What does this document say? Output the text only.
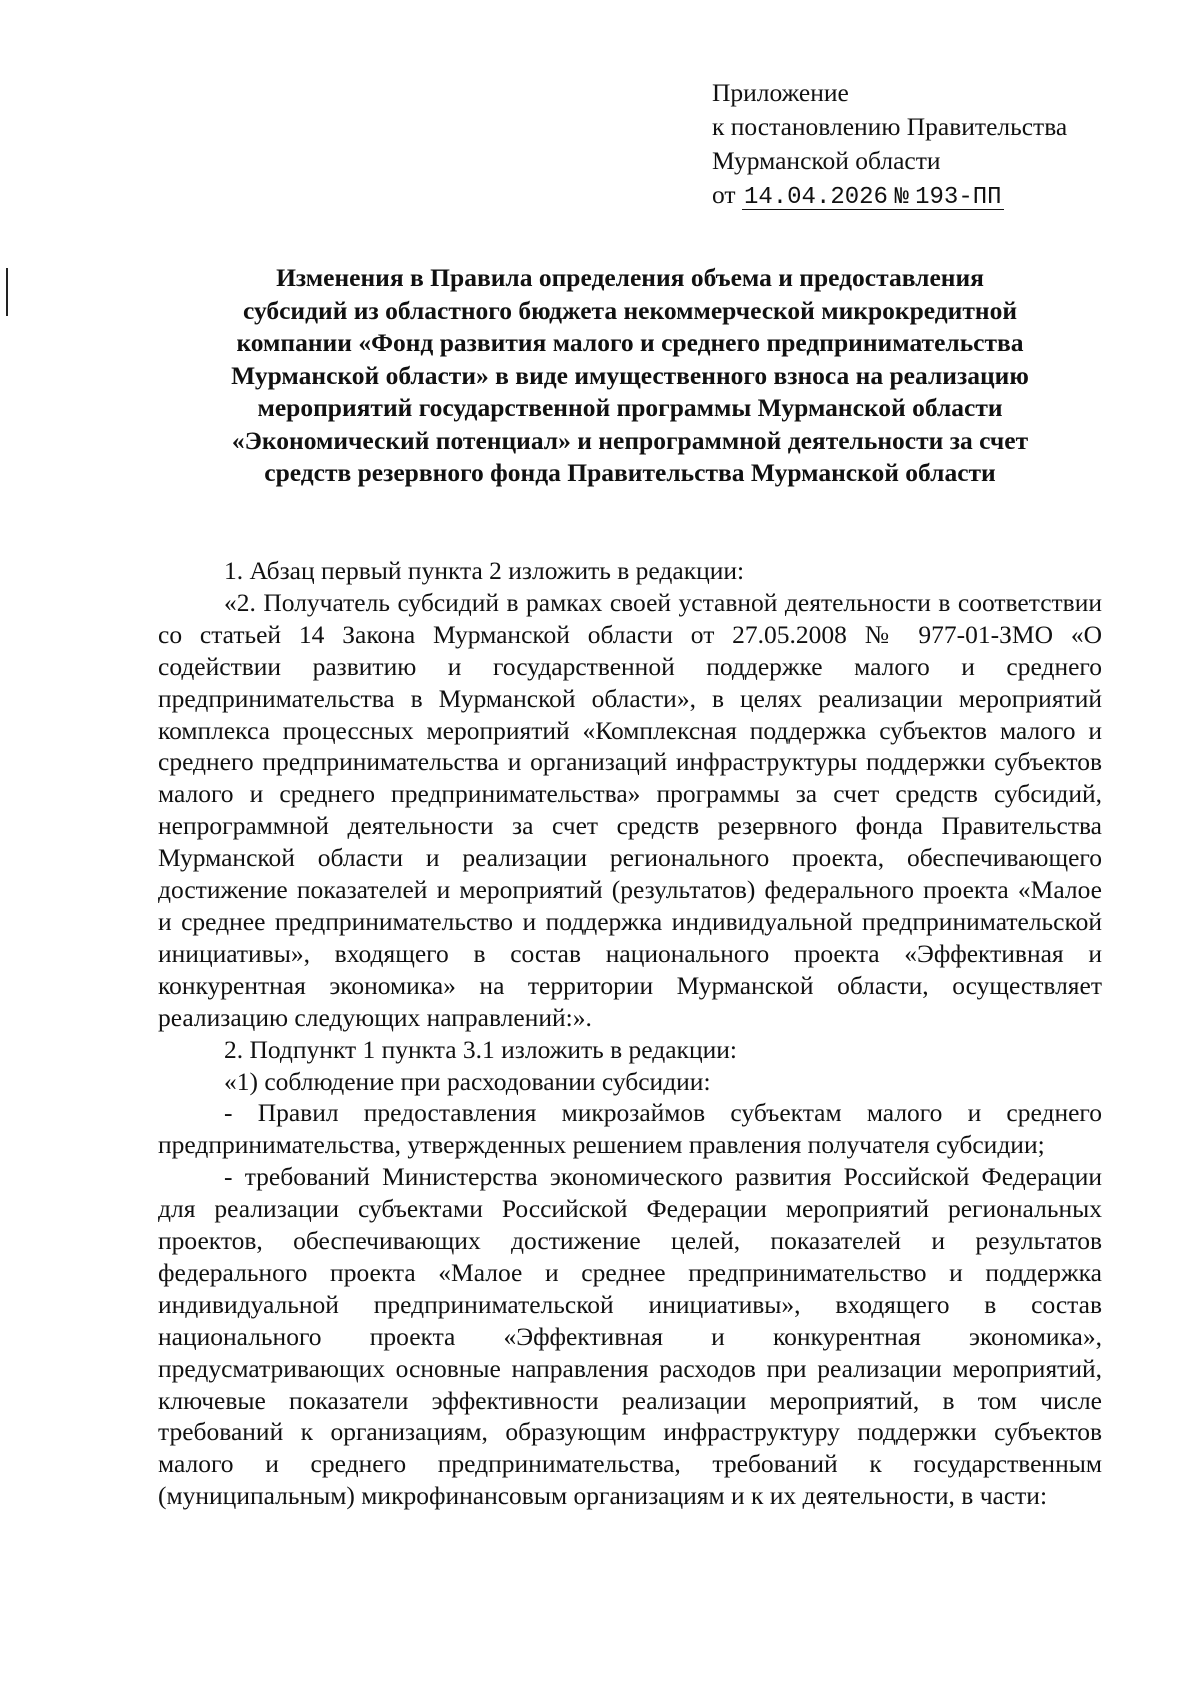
Приложение
к постановлению Правительства
Мурманской области
от 14.04.2026 № 193-ПП
Изменения в Правила определения объема и предоставления
субсидий из областного бюджета некоммерческой микрокредитной
компании «Фонд развития малого и среднего предпринимательства
Мурманской области» в виде имущественного взноса на реализацию
мероприятий государственной программы Мурманской области
«Экономический потенциал» и непрограммной деятельности за счет
средств резервного фонда Правительства Мурманской области

1. Абзац первый пункта 2 изложить в редакции:

«2. Получатель субсидий в рамках своей уставной деятельности в соответствии со статьей 14 Закона Мурманской области от 27.05.2008 № 977-01-ЗМО «О содействии развитию и государственной поддержке малого и среднего предпринимательства в Мурманской области», в целях реализации мероприятий комплекса процессных мероприятий «Комплексная поддержка субъектов малого и среднего предпринимательства и организаций инфраструктуры поддержки субъектов малого и среднего предпринимательства» программы за счет средств субсидий, непрограммной деятельности за счет средств резервного фонда Правительства Мурманской области и реализации регионального проекта, обеспечивающего достижение показателей и мероприятий (результатов) федерального проекта «Малое и среднее предпринимательство и поддержка индивидуальной предпринимательской инициативы», входящего в состав национального проекта «Эффективная и конкурентная экономика» на территории Мурманской области, осуществляет реализацию следующих направлений:».

2. Подпункт 1 пункта 3.1 изложить в редакции:

«1) соблюдение при расходовании субсидии:

- Правил предоставления микрозаймов субъектам малого и среднего предпринимательства, утвержденных решением правления получателя субсидии;

- требований Министерства экономического развития Российской Федерации для реализации субъектами Российской Федерации мероприятий региональных проектов, обеспечивающих достижение целей, показателей и результатов федерального проекта «Малое и среднее предпринимательство и поддержка индивидуальной предпринимательской инициативы», входящего в состав национального проекта «Эффективная и конкурентная экономика», предусматривающих основные направления расходов при реализации мероприятий, ключевые показатели эффективности реализации мероприятий, в том числе требований к организациям, образующим инфраструктуру поддержки субъектов малого и среднего предпринимательства, требований к государственным (муниципальным) микрофинансовым организациям и к их деятельности, в части:
